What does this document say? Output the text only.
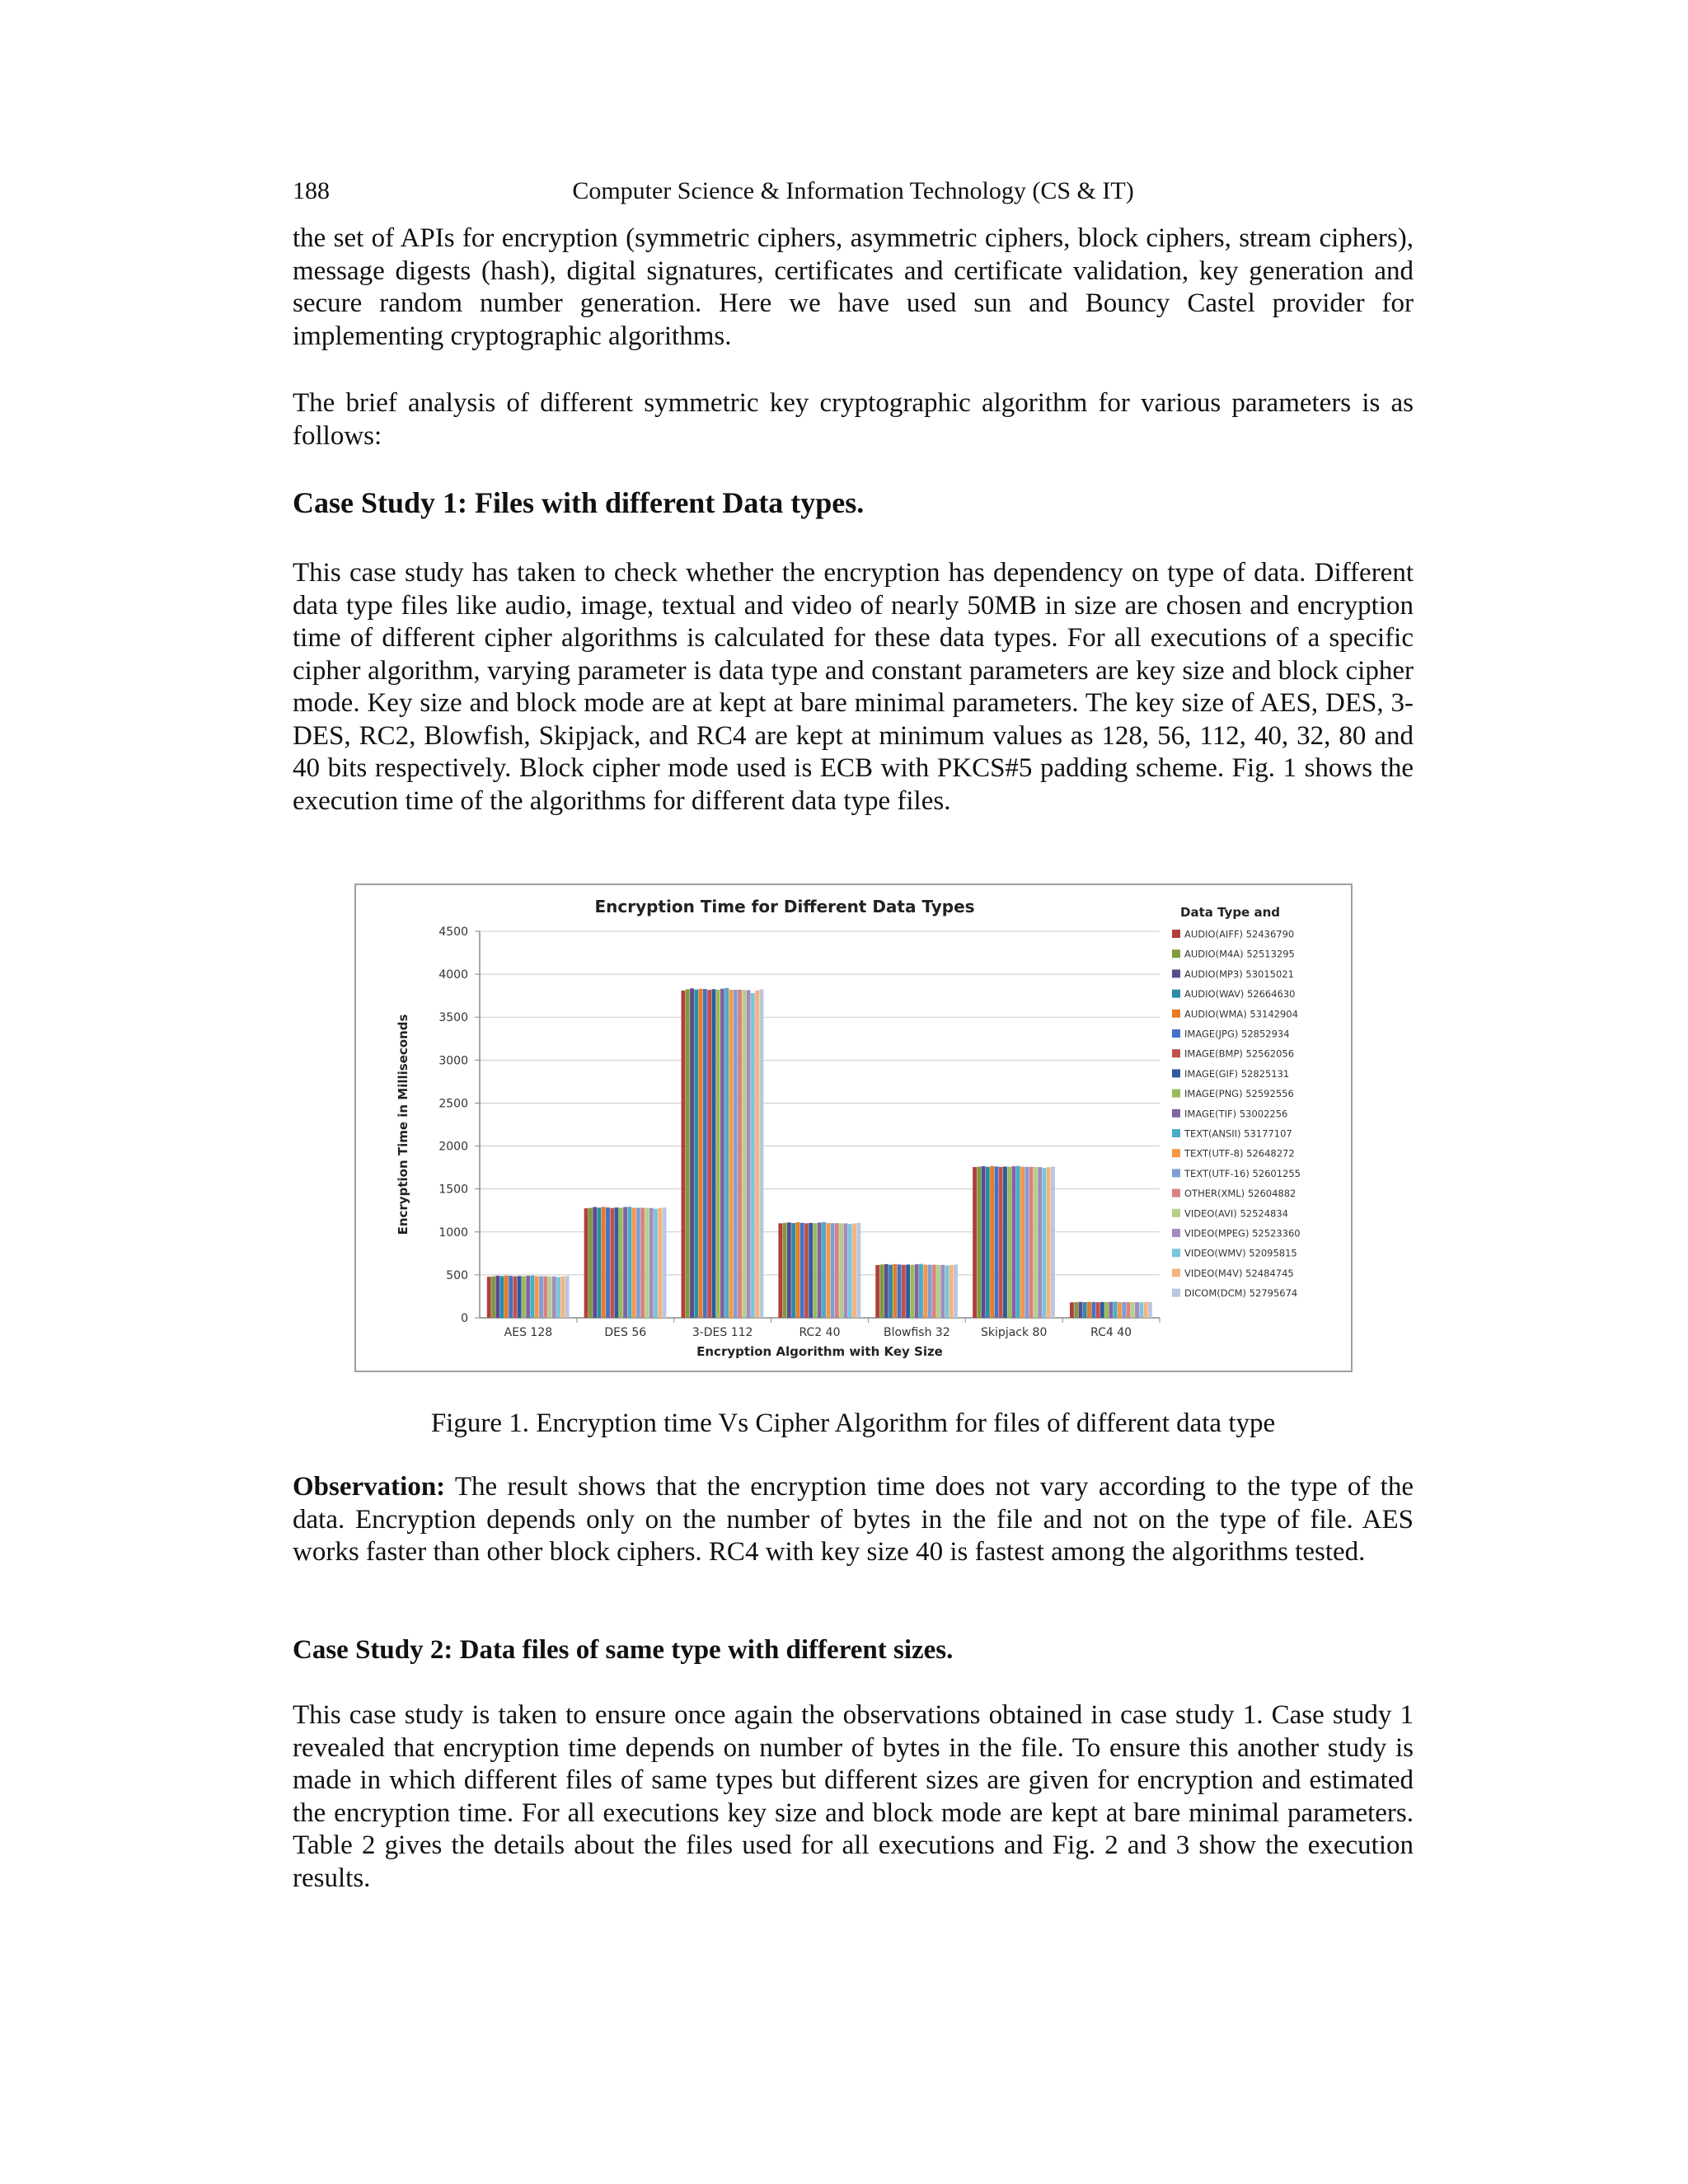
188	Computer Science & Information Technology (CS & IT)
the set of APIs for encryption (symmetric ciphers, asymmetric ciphers, block ciphers, stream ciphers), message digests (hash), digital signatures, certificates and certificate validation, key generation and secure random number generation. Here we have used sun and Bouncy Castel provider for implementing cryptographic algorithms.
The brief analysis of different symmetric key cryptographic algorithm for various parameters is as follows:
Case Study 1: Files with different Data types.
This case study has taken to check whether the encryption has dependency on type of data. Different data type files like audio, image, textual and video of nearly 50MB in size are chosen and encryption time of different cipher algorithms is calculated for these data types. For all executions of a specific cipher algorithm, varying parameter is data type and constant parameters are key size and block cipher mode. Key size and block mode are at kept at bare minimal parameters. The key size of AES, DES, 3-DES, RC2, Blowfish, Skipjack, and RC4 are kept at minimum values as 128, 56, 112, 40, 32, 80 and 40 bits respectively. Block cipher mode used is ECB with PKCS#5 padding scheme. Fig. 1 shows the execution time of the algorithms for different data type files.
Encryption Time for Different Data Types
0
500
1000
1500
2000
2500
3000
3500
4000
4500
Encryption Time in Milliseconds
AES 128	DES 56	3-DES 112	RC2 40	Blowfish 32	Skipjack 80	RC4 40
Encryption Algorithm with Key Size
Data Type and
AUDIO(AIFF) 52436790
AUDIO(M4A) 52513295
AUDIO(MP3) 53015021
AUDIO(WAV) 52664630
AUDIO(WMA) 53142904
IMAGE(JPG) 52852934
IMAGE(BMP) 52562056
IMAGE(GIF) 52825131
IMAGE(PNG) 52592556
IMAGE(TIF) 53002256
TEXT(ANSII) 53177107
TEXT(UTF-8) 52648272
TEXT(UTF-16) 52601255
OTHER(XML) 52604882
VIDEO(AVI) 52524834
VIDEO(MPEG) 52523360
VIDEO(WMV) 52095815
VIDEO(M4V) 52484745
DICOM(DCM) 52795674
Figure 1. Encryption time Vs Cipher Algorithm for files of different data type
Observation: The result shows that the encryption time does not vary according to the type of the data. Encryption depends only on the number of bytes in the file and not on the type of file. AES works faster than other block ciphers. RC4 with key size 40 is fastest among the algorithms tested.
Case Study 2: Data files of same type with different sizes.
This case study is taken to ensure once again the observations obtained in case study 1. Case study 1 revealed that encryption time depends on number of bytes in the file. To ensure this another study is made in which different files of same types but different sizes are given for encryption and estimated the encryption time. For all executions key size and block mode are kept at bare minimal parameters. Table 2 gives the details about the files used for all executions and Fig. 2 and 3 show the execution results.
